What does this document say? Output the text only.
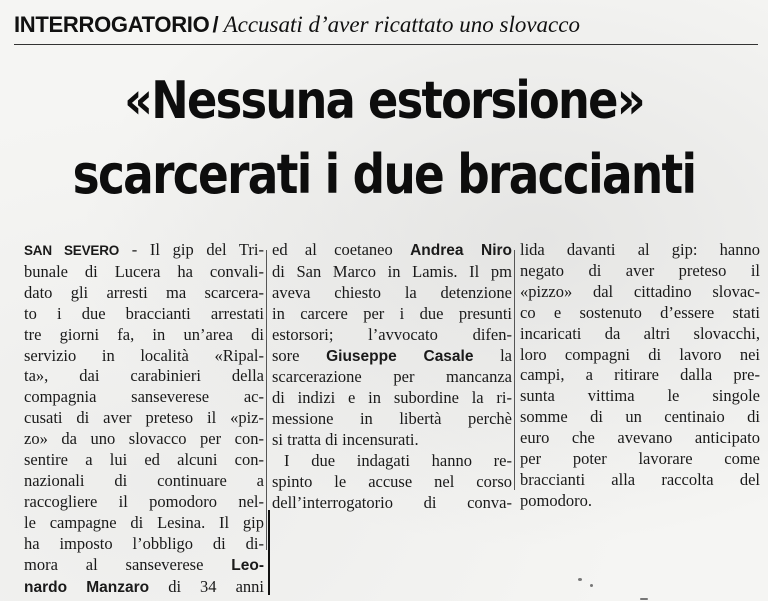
INTERROGATORIO / Accusati d’aver ricattato uno slovacco
«Nessuna estorsione»
scarcerati i due braccianti
SAN SEVERO - Il gip del Tri-
bunale di Lucera ha convali-
dato gli arresti ma scarcera-
to i due braccianti arrestati
tre giorni fa, in un’area di
servizio in località «Ripal-
ta», dai carabinieri della
compagnia sanseverese ac-
cusati di aver preteso il «piz-
zo» da uno slovacco per con-
sentire a lui ed alcuni con-
nazionali di continuare a
raccogliere il pomodoro nel-
le campagne di Lesina. Il gip
ha imposto l’obbligo di di-
mora al sanseverese Leo-
nardo Manzaro di 34 anni
ed al coetaneo Andrea Niro
di San Marco in Lamis. Il pm
aveva chiesto la detenzione
in carcere per i due presunti
estorsori; l’avvocato difen-
sore Giuseppe Casale la
scarcerazione per mancanza
di indizi e in subordine la ri-
messione in libertà perchè
si tratta di incensurati.
I due indagati hanno re-
spinto le accuse nel corso
dell’interrogatorio di conva-
lida davanti al gip: hanno
negato di aver preteso il
«pizzo» dal cittadino slovac-
co e sostenuto d’essere stati
incaricati da altri slovacchi,
loro compagni di lavoro nei
campi, a ritirare dalla pre-
sunta vittima le singole
somme di un centinaio di
euro che avevano anticipato
per poter lavorare come
braccianti alla raccolta del
pomodoro.
